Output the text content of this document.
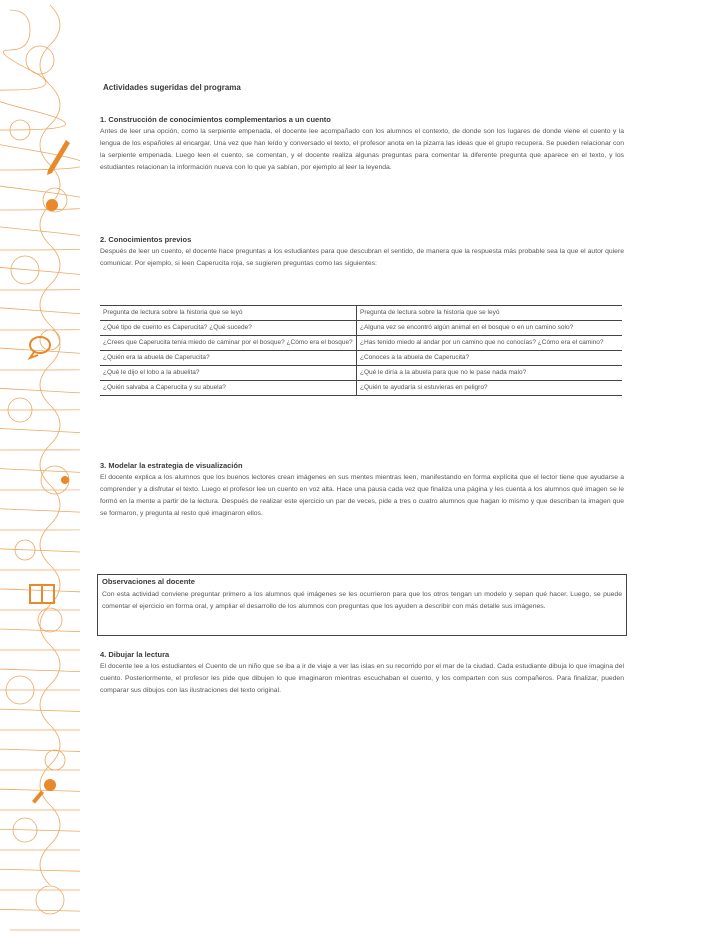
Actividades sugeridas del programa
1. Construcción de conocimientos complementarios a un cuento
Antes de leer una opción, como la serpiente empenada, el docente lee acompañado con los alumnos el contexto, de donde son los lugares de donde viene el cuento y la lengua de los españoles al encargar. Una vez que han leído y conversado el texto, el profesor anota en la pizarra las ideas que el grupo recupera. Se pueden relacionar con la serpiente empenada. Luego leen el cuento, se comentan, y el docente realiza algunas preguntas para comentar la diferente pregunta que aparece en el texto, y los estudiantes relacionan la información nueva con lo que ya sabían, por ejemplo al leer la leyenda.
2. Conocimientos previos
Después de leer un cuento, el docente hace preguntas a los estudiantes para que descubran el sentido, de manera que la respuesta más probable sea la que el autor quiere comunicar. Por ejemplo, si leen Caperucita roja, se sugieren preguntas como las siguientes:
Pregunta de lectura sobre la historia que se leyó	Pregunta de lectura sobre la historia que se leyó
¿Qué tipo de cuento es Caperucita? ¿Qué sucede?	¿Alguna vez se encontró algún animal en el bosque o en un camino solo?
¿Crees que Caperucita tenía miedo de caminar por el bosque? ¿Cómo era el bosque?	¿Has tenido miedo al andar por un camino que no conocías? ¿Cómo era el camino?
¿Quién era la abuela de Caperucita?	¿Conoces a la abuela de Caperucita?
¿Qué le dijo el lobo a la abuelita?	¿Qué le diría a la abuela para que no le pase nada malo?
¿Quién salvaba a Caperucita y su abuela?	¿Quién te ayudaría si estuvieras en peligro?
3. Modelar la estrategia de visualización
El docente explica a los alumnos que los buenos lectores crean imágenes en sus mentes mientras leen, manifestando en forma explícita que el lector tiene que ayudarse a comprender y a disfrutar el texto. Luego el profesor lee un cuento en voz alta. Hace una pausa cada vez que finaliza una página y les cuenta a los alumnos qué imagen se le formó en la mente a partir de la lectura. Después de realizar este ejercicio un par de veces, pide a tres o cuatro alumnos que hagan lo mismo y que describan la imagen que se formaron, y pregunta al resto qué imaginaron ellos.
Observaciones al docente
Con esta actividad conviene preguntar primero a los alumnos qué imágenes se les ocurrieron para que los otros tengan un modelo y sepan qué hacer. Luego, se puede comentar el ejercicio en forma oral, y ampliar el desarrollo de los alumnos con preguntas que los ayuden a describir con más detalle sus imágenes.
4. Dibujar la lectura
El docente lee a los estudiantes el Cuento de un niño que se iba a ir de viaje a ver las islas en su recorrido por el mar de la ciudad. Cada estudiante dibuja lo que imagina del cuento. Posteriormente, el profesor les pide que dibujen lo que imaginaron mientras escuchaban el cuento, y los comparten con sus compañeros. Para finalizar, pueden comparar sus dibujos con las ilustraciones del texto original.
